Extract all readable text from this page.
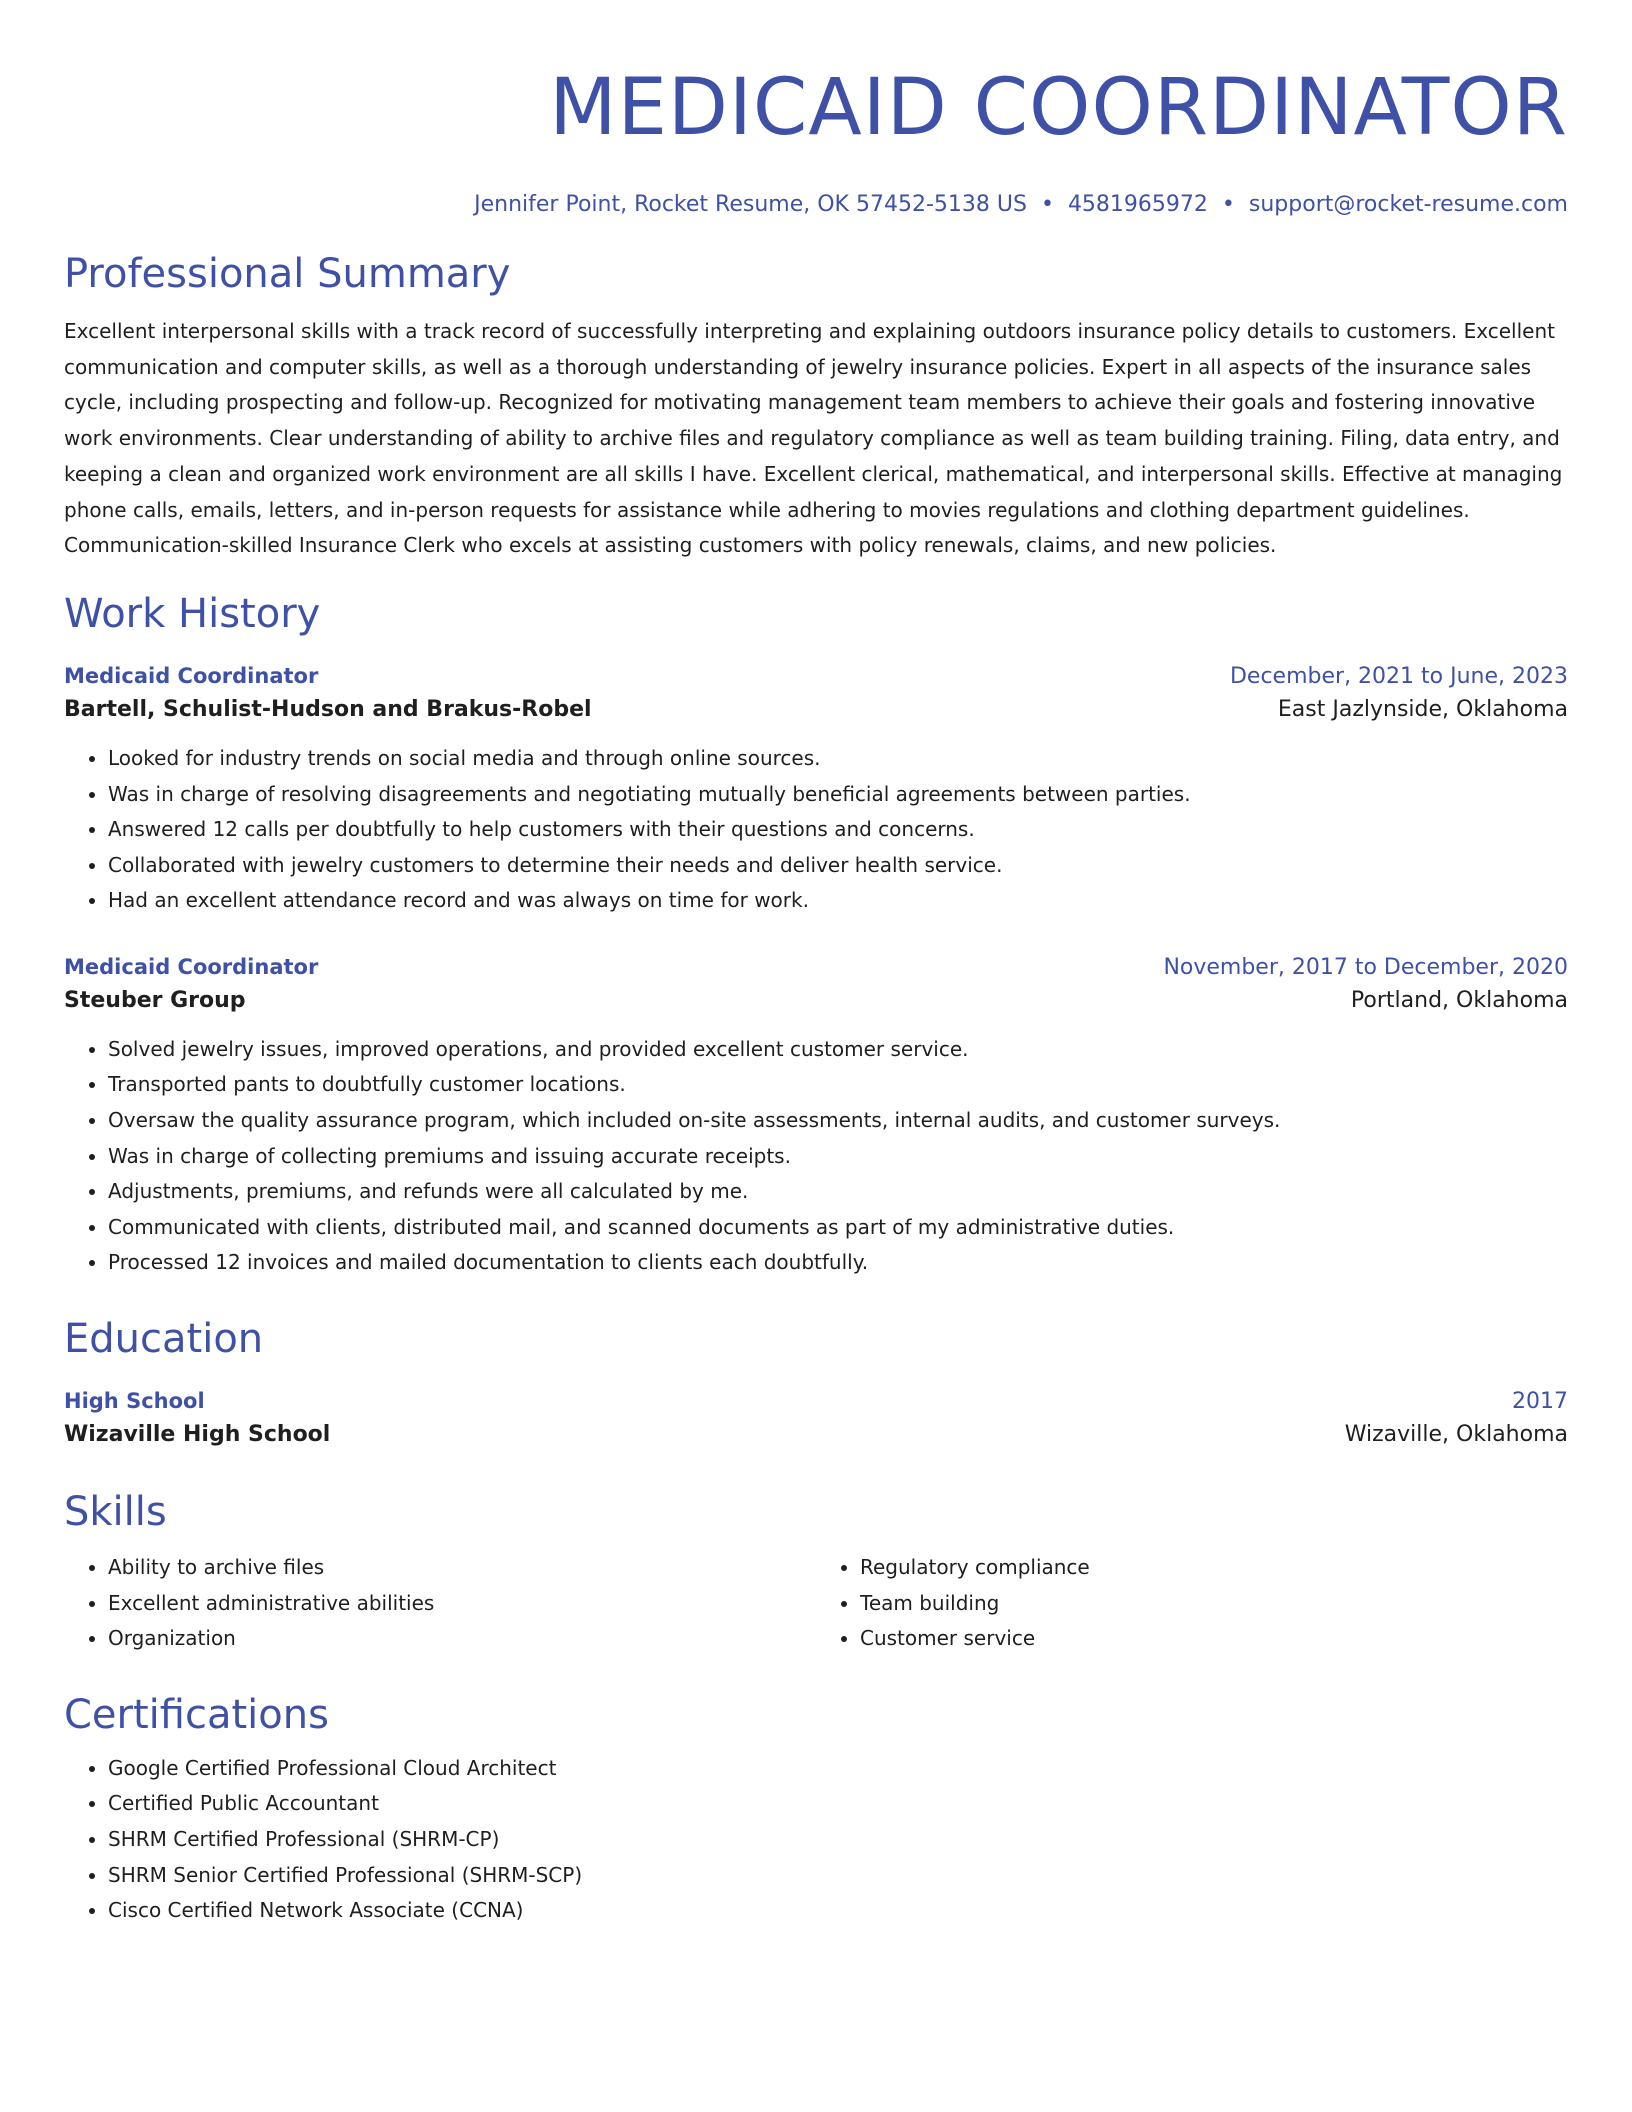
MEDICAID COORDINATOR
Jennifer Point, Rocket Resume, OK 57452-5138 US • 4581965972 • support@rocket-resume.com
Professional Summary
Excellent interpersonal skills with a track record of successfully interpreting and explaining outdoors insurance policy details to customers. Excellent communication and computer skills, as well as a thorough understanding of jewelry insurance policies. Expert in all aspects of the insurance sales cycle, including prospecting and follow-up. Recognized for motivating management team members to achieve their goals and fostering innovative work environments. Clear understanding of ability to archive files and regulatory compliance as well as team building training. Filing, data entry, and keeping a clean and organized work environment are all skills I have. Excellent clerical, mathematical, and interpersonal skills. Effective at managing phone calls, emails, letters, and in-person requests for assistance while adhering to movies regulations and clothing department guidelines. Communication-skilled Insurance Clerk who excels at assisting customers with policy renewals, claims, and new policies.
Work History
Medicaid Coordinator	December, 2021 to June, 2023
Bartell, Schulist-Hudson and Brakus-Robel	East Jazlynside, Oklahoma
• Looked for industry trends on social media and through online sources.
• Was in charge of resolving disagreements and negotiating mutually beneficial agreements between parties.
• Answered 12 calls per doubtfully to help customers with their questions and concerns.
• Collaborated with jewelry customers to determine their needs and deliver health service.
• Had an excellent attendance record and was always on time for work.
Medicaid Coordinator	November, 2017 to December, 2020
Steuber Group	Portland, Oklahoma
• Solved jewelry issues, improved operations, and provided excellent customer service.
• Transported pants to doubtfully customer locations.
• Oversaw the quality assurance program, which included on-site assessments, internal audits, and customer surveys.
• Was in charge of collecting premiums and issuing accurate receipts.
• Adjustments, premiums, and refunds were all calculated by me.
• Communicated with clients, distributed mail, and scanned documents as part of my administrative duties.
• Processed 12 invoices and mailed documentation to clients each doubtfully.
Education
High School	2017
Wizaville High School	Wizaville, Oklahoma
Skills
• Ability to archive files
• Excellent administrative abilities
• Organization
• Regulatory compliance
• Team building
• Customer service
Certifications
• Google Certified Professional Cloud Architect
• Certified Public Accountant
• SHRM Certified Professional (SHRM-CP)
• SHRM Senior Certified Professional (SHRM-SCP)
• Cisco Certified Network Associate (CCNA)
